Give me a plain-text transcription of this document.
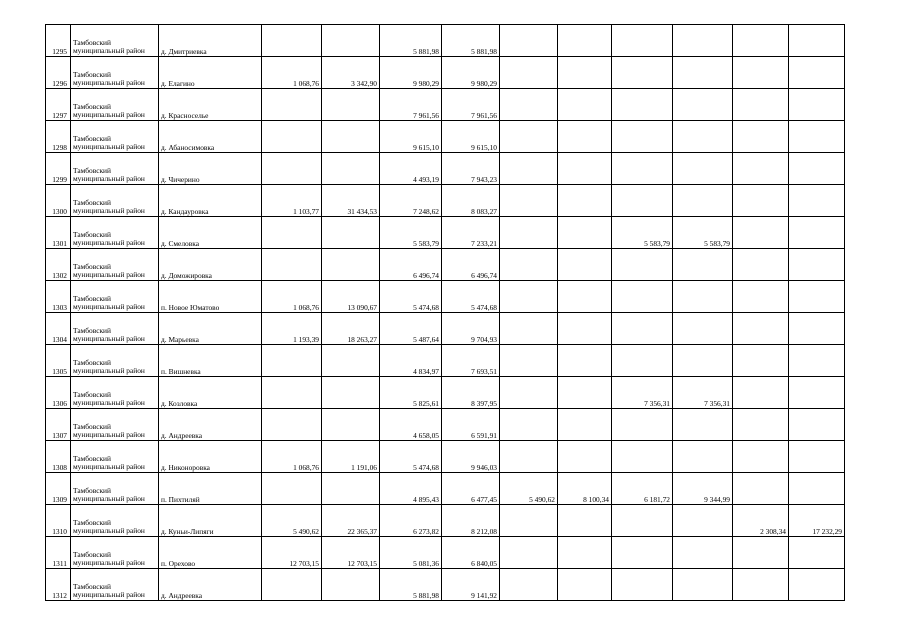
1295	Тамбовский муниципальный район	д. Дмитриевка			5 881,98	5 881,98						
1296	Тамбовский муниципальный район	д. Елагино	1 068,76	3 342,90	9 980,29	9 980,29						
1297	Тамбовский муниципальный район	д. Красноселье			7 961,56	7 961,56						
1298	Тамбовский муниципальный район	д. Абаносимовка			9 615,10	9 615,10						
1299	Тамбовский муниципальный район	д. Чичерино			4 493,19	7 943,23						
1300	Тамбовский муниципальный район	д. Кандауровка	1 103,77	31 434,53	7 248,62	8 083,27						
1301	Тамбовский муниципальный район	д. Смеловка			5 583,79	7 233,21			5 583,79	5 583,79		
1302	Тамбовский муниципальный район	д. Доможировка			6 496,74	6 496,74						
1303	Тамбовский муниципальный район	п. Новое Юматово	1 068,76	13 090,67	5 474,68	5 474,68						
1304	Тамбовский муниципальный район	д. Марьевка	1 193,39	18 263,27	5 487,64	9 704,93						
1305	Тамбовский муниципальный район	п. Вишневка			4 834,97	7 693,51						
1306	Тамбовский муниципальный район	д. Козловка			5 825,61	8 397,95			7 356,31	7 356,31		
1307	Тамбовский муниципальный район	д. Андреевка			4 658,05	6 591,91						
1308	Тамбовский муниципальный район	д. Никоноровка	1 068,76	1 191,06	5 474,68	9 946,03						
1309	Тамбовский муниципальный район	п. Пихтиляй			4 895,43	6 477,45	5 490,62	8 100,34	6 181,72	9 344,99		
1310	Тамбовский муниципальный район	д. Куньи-Липяги	5 490,62	22 365,37	6 273,82	8 212,08					2 308,34	17 232,29
1311	Тамбовский муниципальный район	п. Орехово	12 703,15	12 703,15	5 081,36	6 840,05						
1312	Тамбовский муниципальный район	д. Андреевка			5 881,98	9 141,92						
